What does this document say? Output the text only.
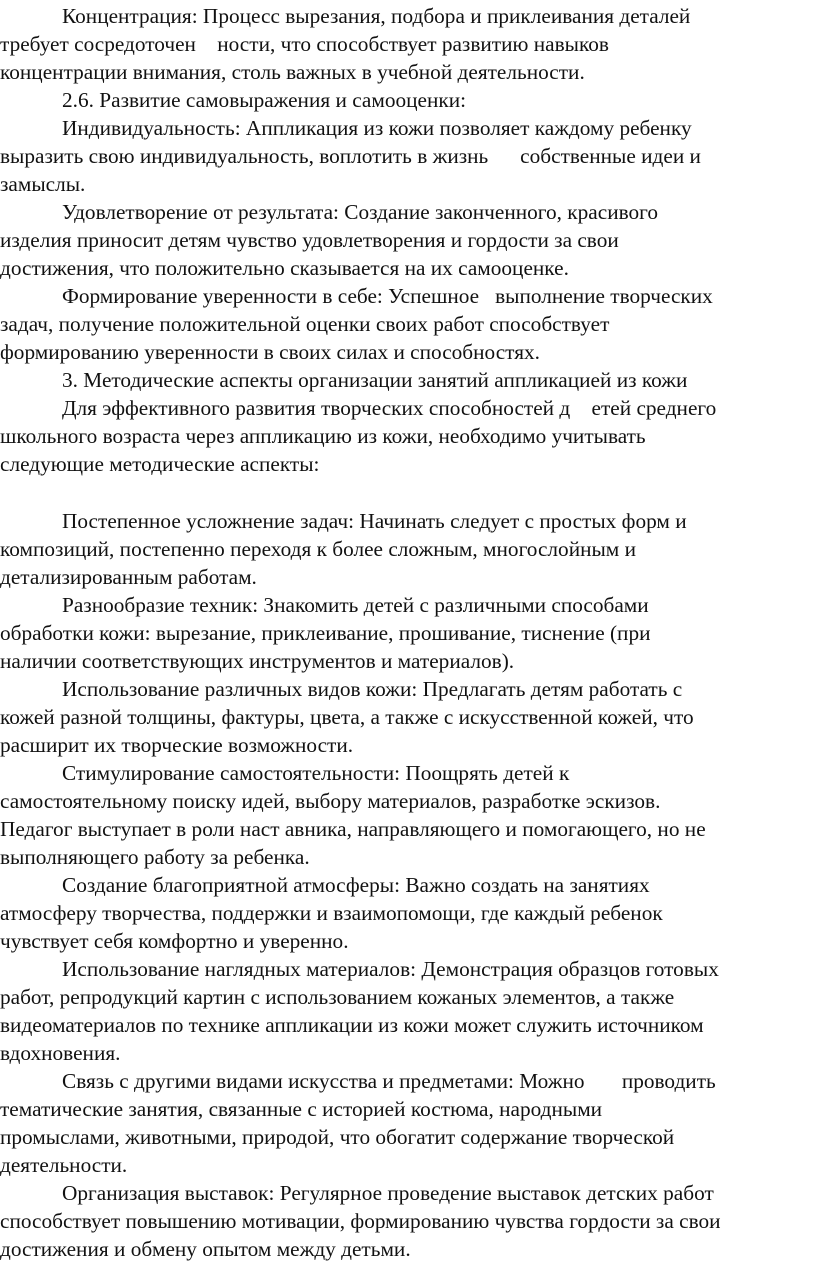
Концентрация: Процесс вырезания, подбора и приклеивания деталей
требует сосредоточен    ности, что способствует развитию навыков
концентрации внимания, столь важных в учебной деятельности.
2.6. Развитие самовыражения и самооценки:
Индивидуальность: Аппликация из кожи позволяет каждому ребенку
выразить свою индивидуальность, воплотить в жизнь      собственные идеи и
замыслы.
Удовлетворение от результата: Создание законченного, красивого
изделия приносит детям чувство удовлетворения и гордости за свои
достижения, что положительно сказывается на их самооценке.
Формирование уверенности в себе: Успешное   выполнение творческих
задач, получение положительной оценки своих работ способствует
формированию уверенности в своих силах и способностях.
3. Методические аспекты организации занятий аппликацией из кожи
Для эффективного развития творческих способностей д    етей среднего
школьного возраста через аппликацию из кожи, необходимо учитывать
следующие методические аспекты:
Постепенное усложнение задач: Начинать следует с простых форм и
композиций, постепенно переходя к более сложным, многослойным и
детализированным работам.
Разнообразие техник: Знакомить детей с различными способами
обработки кожи: вырезание, приклеивание, прошивание, тиснение (при
наличии соответствующих инструментов и материалов).
Использование различных видов кожи: Предлагать детям работать с
кожей разной толщины, фактуры, цвета, а также с искусственной кожей, что
расширит их творческие возможности.
Стимулирование самостоятельности: Поощрять детей к
самостоятельному поиску идей, выбору материалов, разработке эскизов.
Педагог выступает в роли наст авника, направляющего и помогающего, но не
выполняющего работу за ребенка.
Создание благоприятной атмосферы: Важно создать на занятиях
атмосферу творчества, поддержки и взаимопомощи, где каждый ребенок
чувствует себя комфортно и уверенно.
Использование наглядных материалов: Демонстрация образцов готовых
работ, репродукций картин с использованием кожаных элементов, а также
видеоматериалов по технике аппликации из кожи может служить источником
вдохновения.
Связь с другими видами искусства и предметами: Можно       проводить
тематические занятия, связанные с историей костюма, народными
промыслами, животными, природой, что обогатит содержание творческой
деятельности.
Организация выставок: Регулярное проведение выставок детских работ
способствует повышению мотивации, формированию чувства гордости за свои
достижения и обмену опытом между детьми.
